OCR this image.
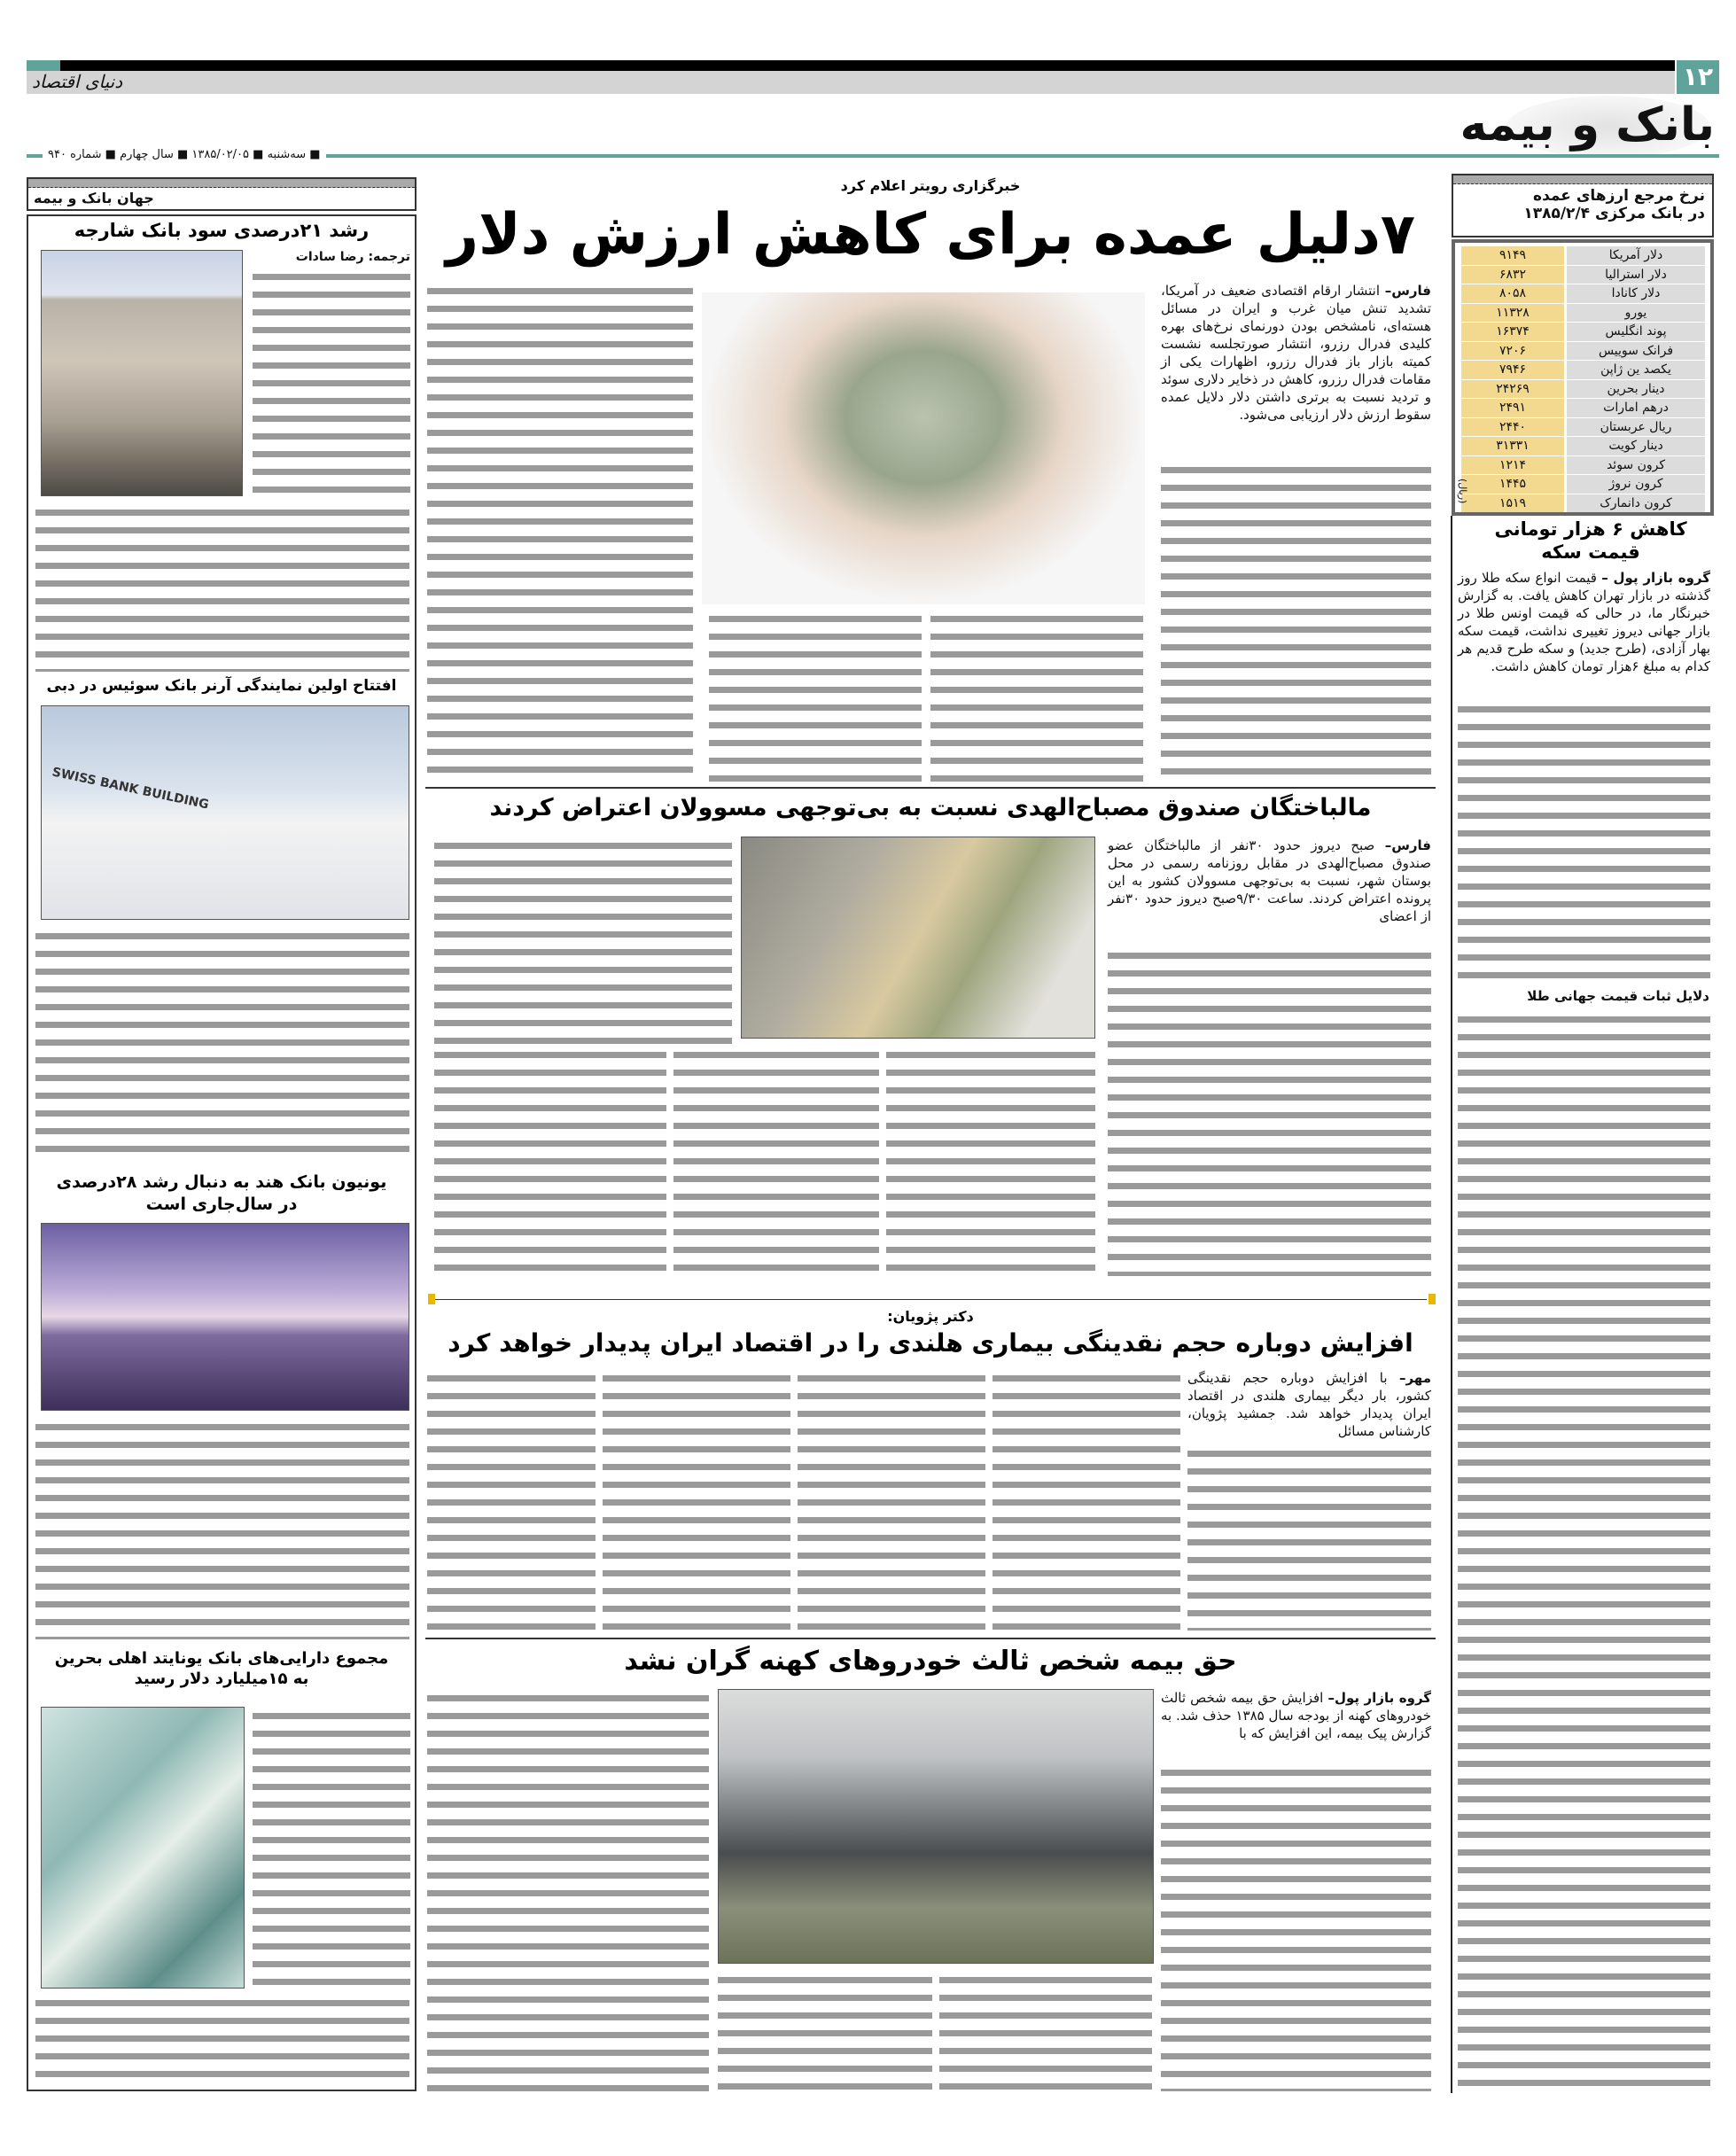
دنیای اقتصاد	۱۲
بانک و بیمه
■ سه‌شنبه ■ ۱۳۸۵/۰۲/۰۵ ■ سال چهارم ■ شماره ۹۴۰
نرخ مرجع ارزهای عمده
در بانک مرکزی ۱۳۸۵/۲/۴
دلار آمریکا
۹۱۴۹
دلار استرالیا
۶۸۳۲
دلار کانادا
۸۰۵۸
یورو
۱۱۳۲۸
پوند انگلیس
۱۶۳۷۴
فرانک سوییس
۷۲۰۶
یکصد ین ژاپن
۷۹۴۶
دینار بحرین
۲۴۲۶۹
درهم امارات
۲۴۹۱
ریال عربستان
۲۴۴۰
دینار کویت
۳۱۳۳۱
کرون سوئد
۱۲۱۴
کرون نروژ
۱۴۴۵
کرون دانمارک
۱۵۱۹
(ریال)
کاهش ۶ هزار تومانی قیمت سکه
گروه بازار پول – قیمت انواع سکه طلا روز گذشته در بازار تهران کاهش یافت. به گزارش خبرنگار ما، در حالی که قیمت اونس طلا در بازار جهانی دیروز تغییری نداشت، قیمت سکه بهار آزادی، (طرح جدید) و سکه طرح قدیم هر کدام به مبلغ ۶هزار تومان کاهش داشت.
دلایل ثبات قیمت جهانی طلا
جهان بانک و بیمه
رشد ۲۱درصدی سود بانک شارجه
ترجمه: رضا سادات
افتتاح اولین نمایندگی آرنر بانک سوئیس در دبی
SWISS BANK BUILDING
یونیون بانک هند به دنبال رشد ۲۸درصدی در سال‌جاری است
مجموع دارایی‌های بانک یونایتد اهلی بحرین به ۱۵میلیارد دلار رسید
خبرگزاری رویتر اعلام کرد
۷دلیل عمده برای کاهش ارزش دلار
فارس– انتشار ارقام اقتصادی ضعیف در آمریکا، تشدید تنش میان غرب و ایران در مسائل هسته‌ای، نامشخص بودن دورنمای نرخ‌های بهره کلیدی فدرال رزرو، انتشار صورتجلسه نشست کمیته بازار باز فدرال رزرو، اظهارات یکی از مقامات فدرال رزرو، کاهش در ذخایر دلاری سوئد و تردید نسبت به برتری داشتن دلار دلایل عمده سقوط ارزش دلار ارزیابی می‌شود.
مالباختگان صندوق مصباح‌الهدی نسبت به بی‌توجهی مسوولان اعتراض کردند
فارس– صبح دیروز حدود ۳۰نفر از مالباختگان عضو صندوق مصباح‌الهدی در مقابل روزنامه رسمی در محل بوستان شهر، نسبت به بی‌توجهی مسوولان کشور به این پرونده اعتراض کردند. ساعت ۹/۳۰صبح دیروز حدود ۳۰نفر از اعضای
دکتر پژویان:
افزایش دوباره حجم نقدینگی بیماری هلندی را در اقتصاد ایران پدیدار خواهد کرد
مهر– با افزایش دوباره حجم نقدینگی کشور، بار دیگر بیماری هلندی در اقتصاد ایران پدیدار خواهد شد. جمشید پژویان، کارشناس مسائل
حق بیمه شخص ثالث خودروهای کهنه گران نشد
گروه بازار پول– افزایش حق بیمه شخص ثالث خودروهای کهنه از بودجه سال ۱۳۸۵ حذف شد. به گزارش پیک بیمه، این افزایش که با
